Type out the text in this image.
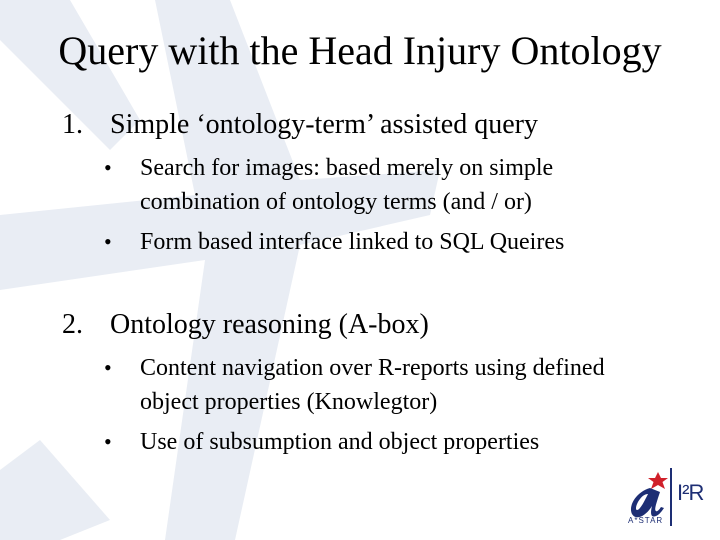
Query with the Head Injury Ontology
1. Simple ‘ontology-term’ assisted query
• Search for images: based merely on simple
combination of ontology terms (and / or)
• Form based interface linked to SQL Queires
2. Ontology reasoning (A-box)
• Content navigation over R-reports using defined
object properties (Knowlegtor)
• Use of subsumption and object properties
I²R
A*STAR
